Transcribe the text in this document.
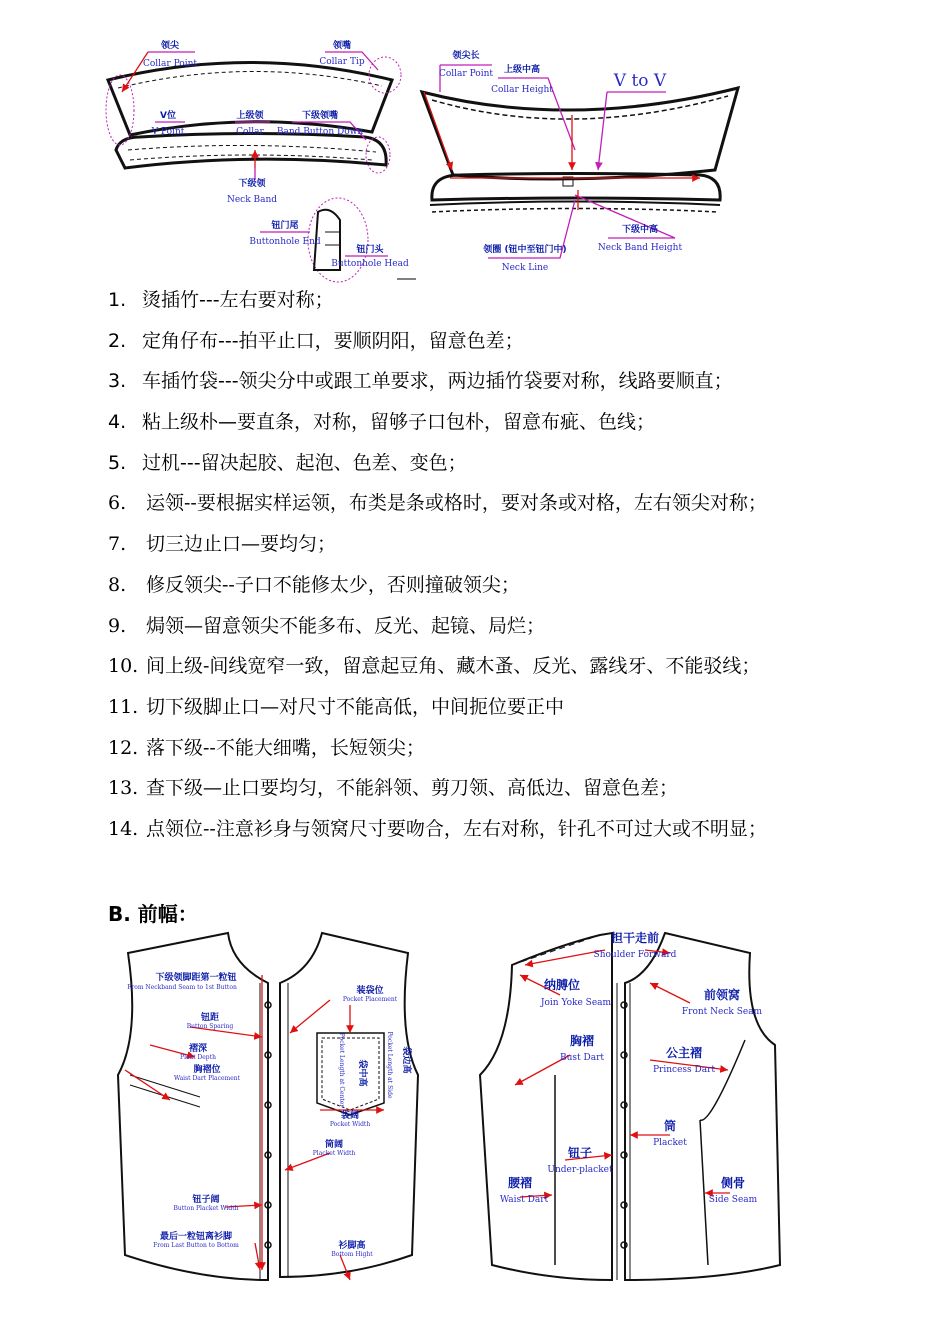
领尖
Collar Point
领嘴
Collar Tip
V位
V Point
上级领
Collar
下级领嘴
Band Button Down
下级领
Neck Band
钮门尾
Buttonhole End
钮门头
Buttonhole Head
领尖长
Collar Point 上级中高
Collar Height	V to V
领圈 (钮中至钮门中)
Neck Line
下级中高
Neck Band Height
1. 烫插竹---左右要对称；
2. 定角仔布---拍平止口，要顺阴阳，留意色差；
3. 车插竹袋---领尖分中或跟工单要求，两边插竹袋要对称，线路要顺直；
4. 粘上级朴—要直条，对称，留够子口包朴，留意布疵、色线；
5. 过机---留决起胶、起泡、色差、变色；
6.	运领--要根据实样运领，布类是条或格时，要对条或对格，左右领尖对称；
7.	切三边止口—要均匀；
8.	修反领尖--子口不能修太少，否则撞破领尖；
9.	焗领—留意领尖不能多布、反光、起镜、局烂；
10. 间上级-间线宽窄一致，留意起豆角、藏木蚤、反光、露线牙、不能驳线；
11. 切下级脚止口—对尺寸不能高低，中间扼位要正中
12. 落下级--不能大细嘴，长短领尖；
13. 查下级—止口要均匀，不能斜领、剪刀领、高低边、留意色差；
14. 点领位--注意衫身与领窝尺寸要吻合，左右对称，针孔不可过大或不明显；
B. 前幅：
下级领脚距第一粒钮
From Neckband Seam to 1st Button
钮距
Button Sparing
褶深
Pleat Depth
胸褶位
Waist Dart Placement
装袋位
Pocket Placement
袋中高
Pocket Length at Center	袋边高
Pocket Length at Side
袋阔
Pocket Width
筒阔
Placket Width
钮子阔
Button Placket Width
最后一粒钮离衫脚
From Last Button to Bottom	衫脚高
Bottom Hight
担干走前
Shoulder Forward
纳膊位
Join Yoke Seam
前领窝
Front Neck Seam
胸褶
Bust Dart	公主褶
Princess Dart
筒
Placket
钮子
Under-placket
腰褶
Waist Dart
侧骨
Side Seam
